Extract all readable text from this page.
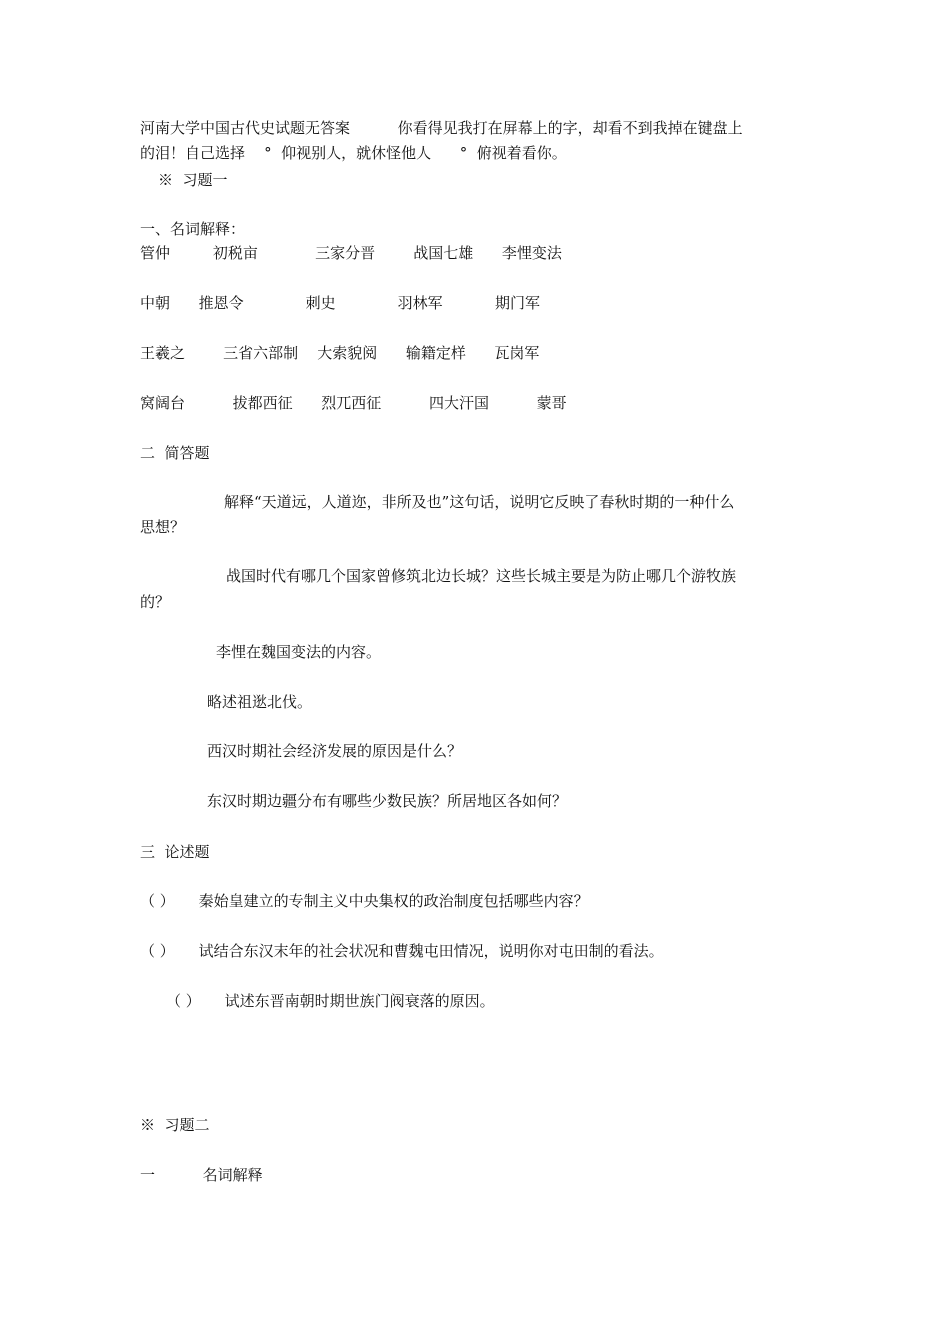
河南大学中国古代史试题无答案          你看得见我打在屏幕上的字，却看不到我掉在键盘上
的泪！自己选择    °  仰视别人，就休怪他人      °  俯视着看你。
※  习题一
一、名词解释：
管仲         初税亩            三家分晋        战国七雄      李悝变法
中朝      推恩令             刺史             羽林军           期门军
王羲之        三省六部制    大索貌阅      输籍定样      瓦岗军
窝阔台          拔都西征      烈兀西征          四大汗国          蒙哥
二  简答题
解释“天道远，人道迩，非所及也”这句话，说明它反映了春秋时期的一种什么
思想？
战国时代有哪几个国家曾修筑北边长城？这些长城主要是为防止哪几个游牧族
的？
李悝在魏国变法的内容。
略述祖逖北伐。
西汉时期社会经济发展的原因是什么？
东汉时期边疆分布有哪些少数民族？所居地区各如何？
三  论述题
（ ）     秦始皇建立的专制主义中央集权的政治制度包括哪些内容？
（ ）     试结合东汉末年的社会状况和曹魏屯田情况，说明你对屯田制的看法。
（ ）     试述东晋南朝时期世族门阀衰落的原因。
※  习题二
一          名词解释
